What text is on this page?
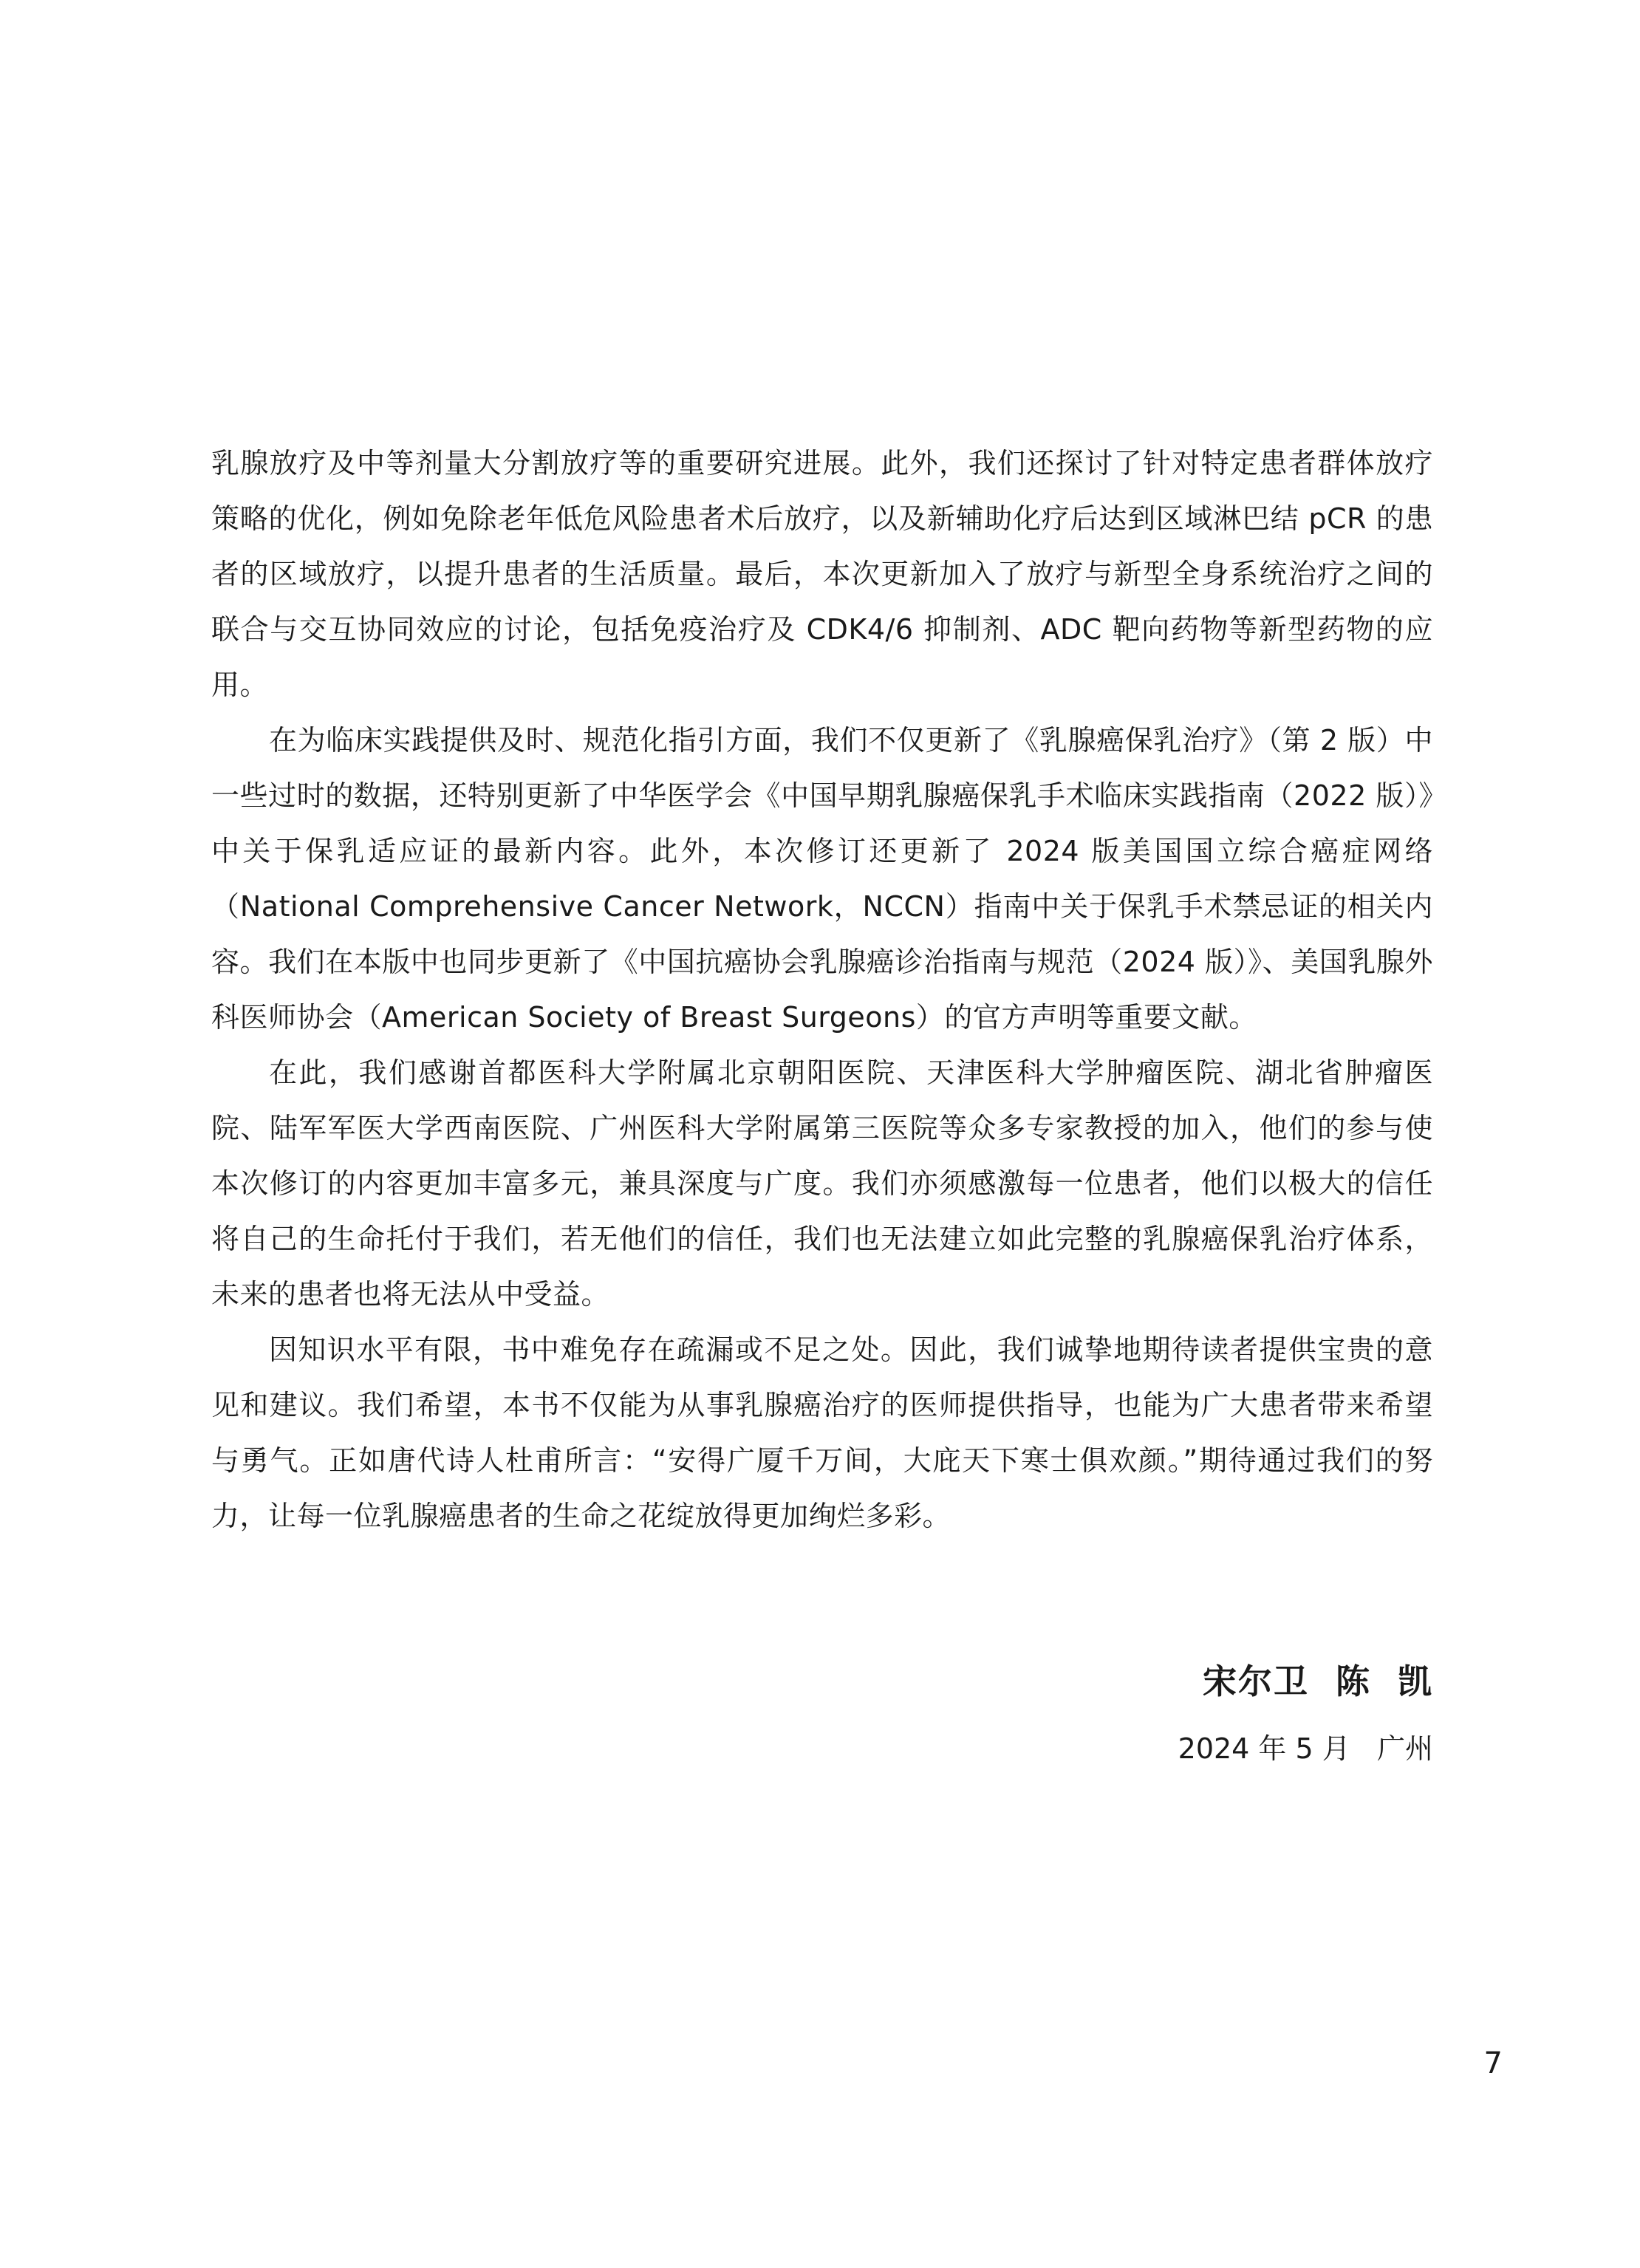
乳腺放疗及中等剂量大分割放疗等的重要研究进展。此外，我们还探讨了针对特定患者群体放疗策略的优化，例如免除老年低危风险患者术后放疗，以及新辅助化疗后达到区域淋巴结 pCR 的患者的区域放疗，以提升患者的生活质量。最后，本次更新加入了放疗与新型全身系统治疗之间的联合与交互协同效应的讨论，包括免疫治疗及 CDK4/6 抑制剂、ADC 靶向药物等新型药物的应用。

在为临床实践提供及时、规范化指引方面，我们不仅更新了《乳腺癌保乳治疗》（第 2 版）中一些过时的数据，还特别更新了中华医学会《中国早期乳腺癌保乳手术临床实践指南（2022 版）》中关于保乳适应证的最新内容。此外，本次修订还更新了 2024 版美国国立综合癌症网络（National Comprehensive Cancer Network，NCCN）指南中关于保乳手术禁忌证的相关内容。我们在本版中也同步更新了《中国抗癌协会乳腺癌诊治指南与规范（2024 版）》、美国乳腺外科医师协会（American Society of Breast Surgeons）的官方声明等重要文献。

在此，我们感谢首都医科大学附属北京朝阳医院、天津医科大学肿瘤医院、湖北省肿瘤医院、陆军军医大学西南医院、广州医科大学附属第三医院等众多专家教授的加入，他们的参与使本次修订的内容更加丰富多元，兼具深度与广度。我们亦须感激每一位患者，他们以极大的信任将自己的生命托付于我们，若无他们的信任，我们也无法建立如此完整的乳腺癌保乳治疗体系，未来的患者也将无法从中受益。

因知识水平有限，书中难免存在疏漏或不足之处。因此，我们诚挚地期待读者提供宝贵的意见和建议。我们希望，本书不仅能为从事乳腺癌治疗的医师提供指导，也能为广大患者带来希望与勇气。正如唐代诗人杜甫所言：“安得广厦千万间，大庇天下寒士俱欢颜。”期待通过我们的努力，让每一位乳腺癌患者的生命之花绽放得更加绚烂多彩。

宋尔卫  陈  凯
2024 年 5 月   广州
7
